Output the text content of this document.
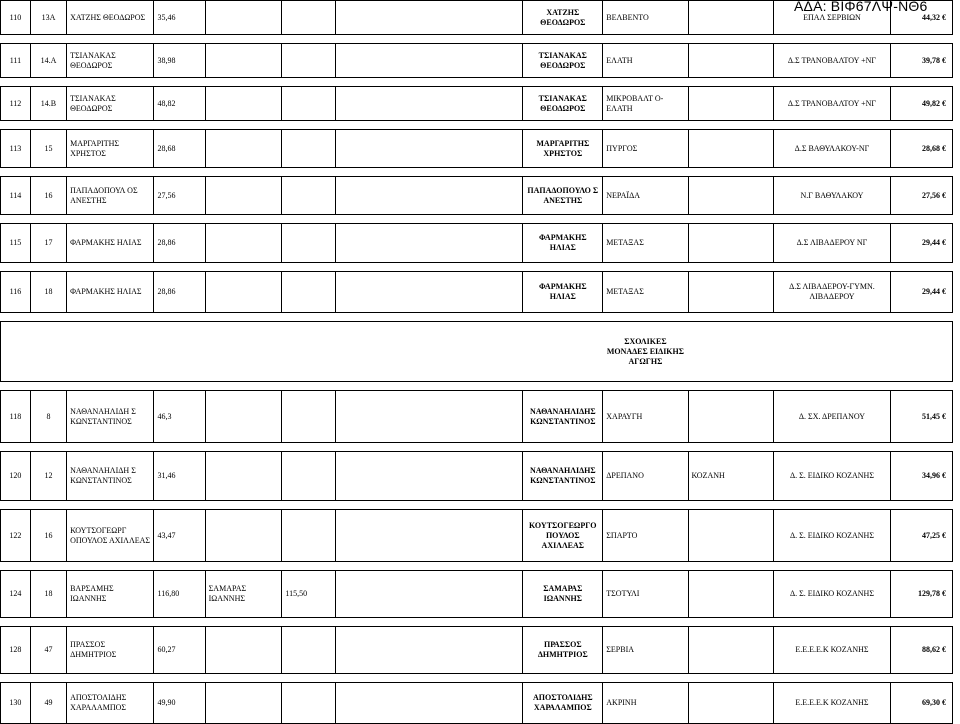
ΑΔΑ: ΒΙΦ67ΛΨ-ΝΘ6
110	13Α	ΧΑΤΖΗΣ ΘΕΟΔΩΡΟΣ	35,46				ΧΑΤΖΗΣ ΘΕΟΔΩΡΟΣ	ΒΕΛΒΕΝΤΟ		ΕΠΑΛ ΣΕΡΒΙΩΝ	44,32 €

111	14.Α	ΤΣΙΑΝΑΚΑΣ ΘΕΟΔΩΡΟΣ	38,98				ΤΣΙΑΝΑΚΑΣ ΘΕΟΔΩΡΟΣ	ΕΛΑΤΗ		Δ.Σ ΤΡΑΝΟΒΑΛΤΟΥ +ΝΓ	39,78 €

112	14.Β	ΤΣΙΑΝΑΚΑΣ ΘΕΟΔΩΡΟΣ	48,82				ΤΣΙΑΝΑΚΑΣ ΘΕΟΔΩΡΟΣ	ΜΙΚΡΟΒΑΛΤ Ο-ΕΛΑΤΗ		Δ.Σ ΤΡΑΝΟΒΑΛΤΟΥ +ΝΓ	49,82 €

113	15	ΜΑΡΓΑΡΙΤΗΣ ΧΡΗΣΤΟΣ	28,68				ΜΑΡΓΑΡΙΤΗΣ ΧΡΗΣΤΟΣ	ΠΥΡΓΟΣ		Δ.Σ ΒΑΘΥΛΑΚΟΥ-ΝΓ	28,68 €

114	16	ΠΑΠΑΔΟΠΟΥΛ ΟΣ ΑΝΕΣΤΗΣ	27,56				ΠΑΠΑΔΟΠΟΥΛΟ Σ ΑΝΕΣΤΗΣ	ΝΕΡΑΪΔΑ		Ν.Γ ΒΑΘΥΛΑΚΟΥ	27,56 €

115	17	ΦΑΡΜΑΚΗΣ ΗΛΙΑΣ	28,86				ΦΑΡΜΑΚΗΣ ΗΛΙΑΣ	ΜΕΤΑΞΑΣ		Δ.Σ ΛΙΒΑΔΕΡΟΥ ΝΓ	29,44 €

116	18	ΦΑΡΜΑΚΗΣ ΗΛΙΑΣ	28,86				ΦΑΡΜΑΚΗΣ ΗΛΙΑΣ	ΜΕΤΑΞΑΣ		Δ.Σ ΛΙΒΑΔΕΡΟΥ-ΓΥΜΝ. ΛΙΒΑΔΕΡΟΥ	29,44 €

								ΣΧΟΛΙΚΕΣ ΜΟΝΑΔΕΣ ΕΙΔΙΚΗΣ ΑΓΩΓΗΣ			

118	8	ΝΑΘΑΝΑΗΛΙΔΗ Σ ΚΩΝΣΤΑΝΤΙΝΟΣ	46,3				ΝΑΘΑΝΑΗΛΙΔΗΣ ΚΩΝΣΤΑΝΤΙΝΟΣ	ΧΑΡΑΥΓΗ		Δ. ΣΧ. ΔΡΕΠΑΝΟΥ	51,45 €

120	12	ΝΑΘΑΝΑΗΛΙΔΗ Σ ΚΩΝΣΤΑΝΤΙΝΟΣ	31,46				ΝΑΘΑΝΑΗΛΙΔΗΣ ΚΩΝΣΤΑΝΤΙΝΟΣ	ΔΡΕΠΑΝΟ	ΚΟΖΑΝΗ	Δ. Σ. ΕΙΔΙΚΟ ΚΟΖΑΝΗΣ	34,96 €

122	16	ΚΟΥΤΣΟΓΕΩΡΓ ΟΠΟΥΛΟΣ ΑΧΙΛΛΕΑΣ	43,47				ΚΟΥΤΣΟΓΕΩΡΓΟ ΠΟΥΛΟΣ ΑΧΙΛΛΕΑΣ	ΣΠΑΡΤΟ		Δ. Σ. ΕΙΔΙΚΟ ΚΟΖΑΝΗΣ	47,25 €

124	18	ΒΑΡΣΑΜΗΣ ΙΩΑΝΝΗΣ	116,80	ΣΑΜΑΡΑΣ ΙΩΑΝΝΗΣ	115,50		ΣΑΜΑΡΑΣ ΙΩΑΝΝΗΣ	ΤΣΟΤΥΛΙ		Δ. Σ. ΕΙΔΙΚΟ ΚΟΖΑΝΗΣ	129,78 €

128	47	ΠΡΑΣΣΟΣ ΔΗΜΗΤΡΙΟΣ	60,27				ΠΡΑΣΣΟΣ ΔΗΜΗΤΡΙΟΣ	ΣΕΡΒΙΑ		Ε.Ε.Ε.Ε.Κ ΚΟΖΑΝΗΣ	88,62 €

130	49	ΑΠΟΣΤΟΛΙΔΗΣ ΧΑΡΑΛΑΜΠΟΣ	49,90				ΑΠΟΣΤΟΛΙΔΗΣ ΧΑΡΑΛΑΜΠΟΣ	ΑΚΡΙΝΗ		Ε.Ε.Ε.Ε.Κ ΚΟΖΑΝΗΣ	69,30 €
